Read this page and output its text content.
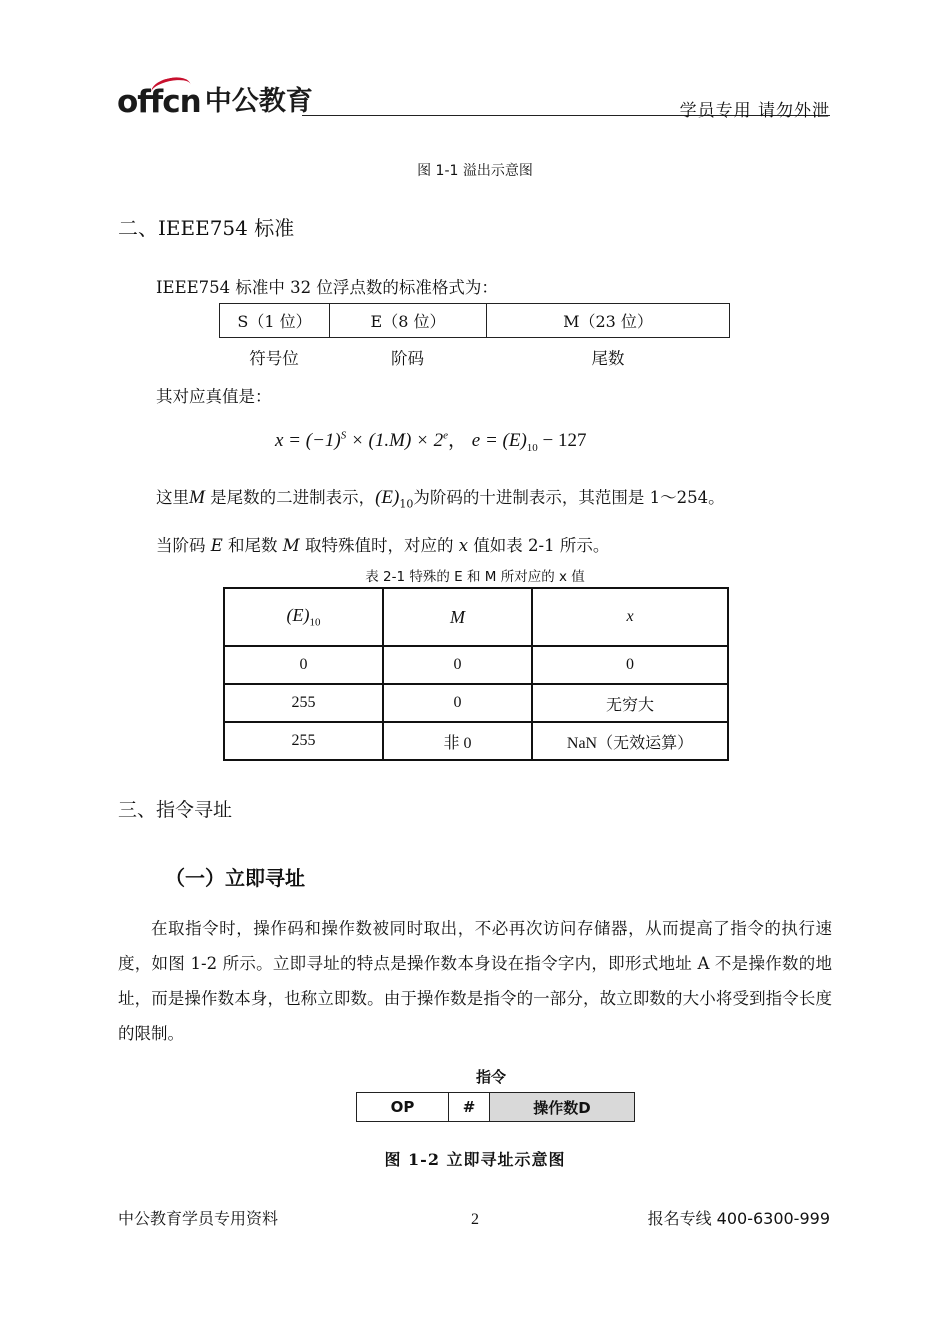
offcn 中公教育	学员专用 请勿外泄
图 1-1 溢出示意图
二、IEEE754 标准
IEEE754 标准中 32 位浮点数的标准格式为：
S（1 位）	E（8 位）	M（23 位）
符号位	阶码	尾数
其对应真值是：
$x = (-1)^S \times (1.M) \times 2^e$， $e = (E)_{10} - 127$
这里M 是尾数的二进制表示，$(E)_{10}$为阶码的十进制表示，其范围是 1～254。
当阶码 E 和尾数 M 取特殊值时，对应的 x 值如表 2-1 所示。
表 2-1 特殊的 E 和 M 所对应的 x 值
$(E)_{10}$	M	x
0	0	0
255	0	无穷大
255	非 0	NaN（无效运算）
三、指令寻址
（一）立即寻址
在取指令时，操作码和操作数被同时取出，不必再次访问存储器，从而提高了指令的执行速度，如图 1-2 所示。立即寻址的特点是操作数本身设在指令字内，即形式地址 A 不是操作数的地址，而是操作数本身，也称立即数。由于操作数是指令的一部分，故立即数的大小将受到指令长度的限制。
指令
OP	#	操作数D
图 1-2 立即寻址示意图
中公教育学员专用资料	2	报名专线 400-6300-999
